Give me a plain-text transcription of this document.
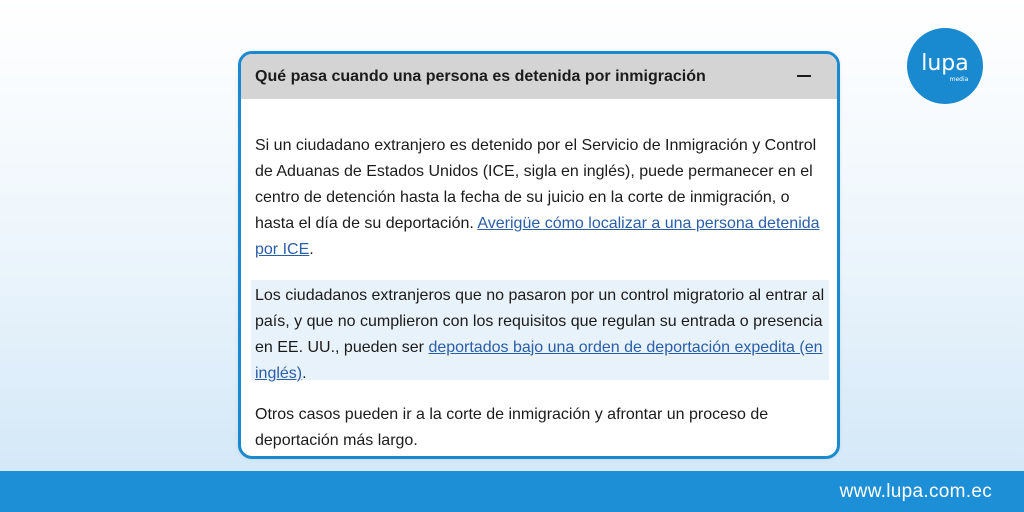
Qué pasa cuando una persona es detenida por inmigración

Si un ciudadano extranjero es detenido por el Servicio de Inmigración y Control de Aduanas de Estados Unidos (ICE, sigla en inglés), puede permanecer en el centro de detención hasta la fecha de su juicio en la corte de inmigración, o hasta el día de su deportación. Averigüe cómo localizar a una persona detenida por ICE.

Los ciudadanos extranjeros que no pasaron por un control migratorio al entrar al país, y que no cumplieron con los requisitos que regulan su entrada o presencia en EE. UU., pueden ser deportados bajo una orden de deportación expedita (en inglés).

Otros casos pueden ir a la corte de inmigración y afrontar un proceso de deportación más largo.

lupa
media
www.lupa.com.ec
